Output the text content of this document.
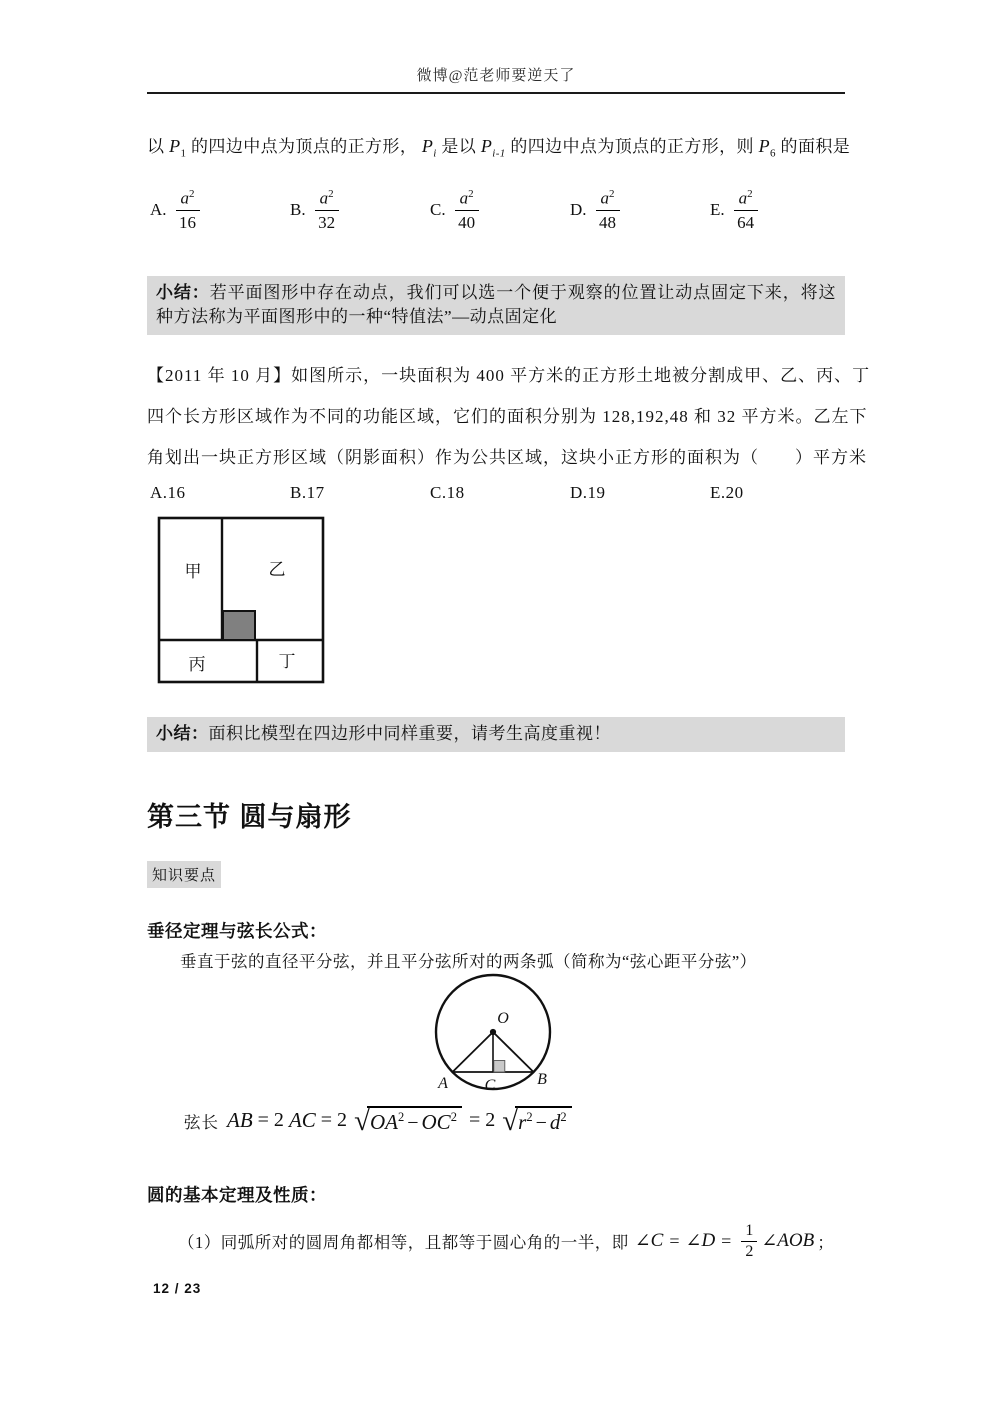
微博@范老师要逆天了
以 $P_1$ 的四边中点为顶点的正方形， $P_i$ 是以 $P_{i-1}$ 的四边中点为顶点的正方形，则 $P_6$ 的面积是
A. $\frac{a^2}{16}$	B. $\frac{a^2}{32}$	C. $\frac{a^2}{40}$	D. $\frac{a^2}{48}$	E. $\frac{a^2}{64}$
小结：若平面图形中存在动点，我们可以选一个便于观察的位置让动点固定下来，将这种方法称为平面图形中的一种“特值法”—动点固定化
【2011 年 10 月】如图所示，一块面积为 400 平方米的正方形土地被分割成甲、乙、丙、丁
四个长方形区域作为不同的功能区域，它们的面积分别为 128,192,48 和 32 平方米。乙左下
角划出一块正方形区域（阴影面积）作为公共区域，这块小正方形的面积为（　　）平方米
A.16	B.17	C.18	D.19	E.20
甲	乙
丙	丁
小结：面积比模型在四边形中同样重要，请考生高度重视！
第三节 圆与扇形
知识要点
垂径定理与弦长公式：
垂直于弦的直径平分弦，并且平分弦所对的两条弧（简称为“弦心距平分弦”）
O
A C	B
弦长 AB = 2 AC = 2 √ $OA^2 - OC^2 = 2$ √ $r^2 - d^2$
圆的基本定理及性质：
（1）同弧所对的圆周角都相等，且都等于圆心角的一半，即 ∠ C = ∠ $D = \frac{1}{2}$ ∠ AOB ；
12 / 23
